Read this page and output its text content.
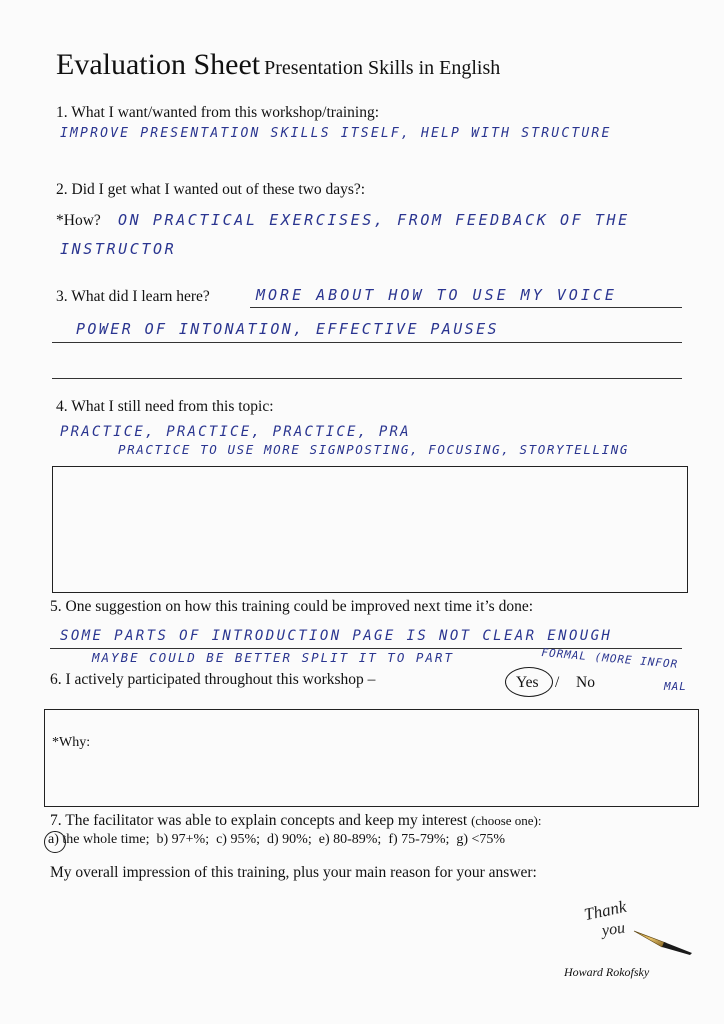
Evaluation Sheet Presentation Skills in English
1. What I want/wanted from this workshop/training:
IMPROVE PRESENTATION SKILLS ITSELF, HELP WITH STRUCTURE
2. Did I get what I wanted out of these two days?:
*How? ON PRACTICAL EXERCISES, FROM FEEDBACK OF THE
INSTRUCTOR
3. What did I learn here?	MORE ABOUT HOW TO USE MY VOICE
POWER OF INTONATION, EFFECTIVE PAUSES
4. What I still need from this topic:
PRACTICE, PRACTICE, PRACTICE, PRA
PRACTICE TO USE MORE SIGNPOSTING, FOCUSING, STORYTELLING
5. One suggestion on how this training could be improved next time it’s done:
SOME PARTS OF INTRODUCTION PAGE IS NOT CLEAR ENOUGH
MAYBE COULD BE BETTER SPLIT IT TO PART	FORMAL (MORE INFOR
MAL
6. I actively participated throughout this workshop –	Yes / No
*Why:
7. The facilitator was able to explain concepts and keep my interest (choose one):
a) the whole time; b) 97+%; c) 95%; d) 90%; e) 80-89%; f) 75-79%; g) <75%
My overall impression of this training, plus your main reason for your answer:
Thank
you
Howard Rokofsky
